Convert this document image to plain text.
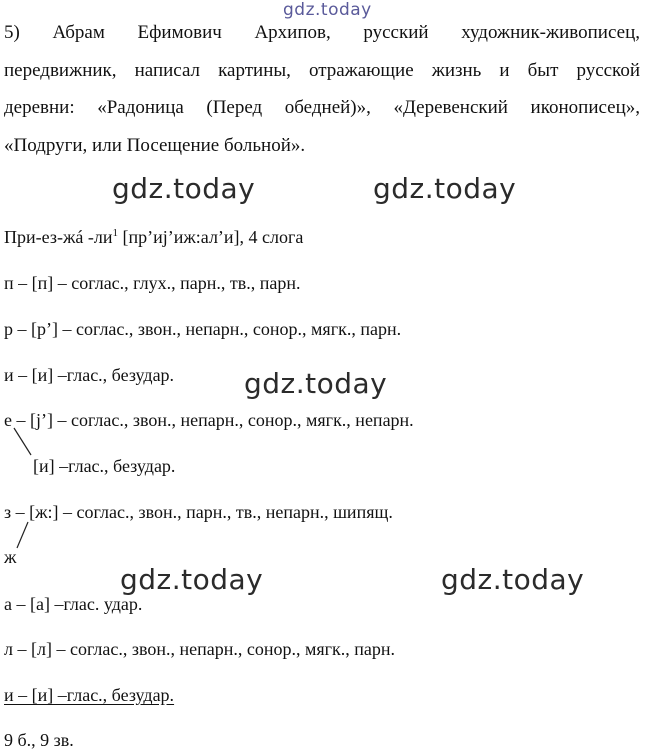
gdz.today
5) Абрам Ефимович Архипов, русский художник-живописец,
передвижник, написал картины, отражающие жизнь и быт русской
деревни: «Радоница (Перед обедней)», «Деревенский иконописец»,
«Подруги, или Посещение больной».
gdz.today	gdz.today
gdz.today
gdz.today	gdz.today
При-ез-жá $-ли^1$ [пр’иj’иж:ал’и], 4 слога
п – [п] – соглас., глух., парн., тв., парн.
р – [р’] – соглас., звон., непарн., сонор., мягк., парн.
и – [и] –глас., безудар.
е – [j’] – соглас., звон., непарн., сонор., мягк., непарн.
[и] –глас., безудар.
з – [ж:] – соглас., звон., парн., тв., непарн., шипящ.
ж
а – [а] –глас. удар.
л – [л] – соглас., звон., непарн., сонор., мягк., парн.
и – [и] –глас., безудар.
9 б., 9 зв.
